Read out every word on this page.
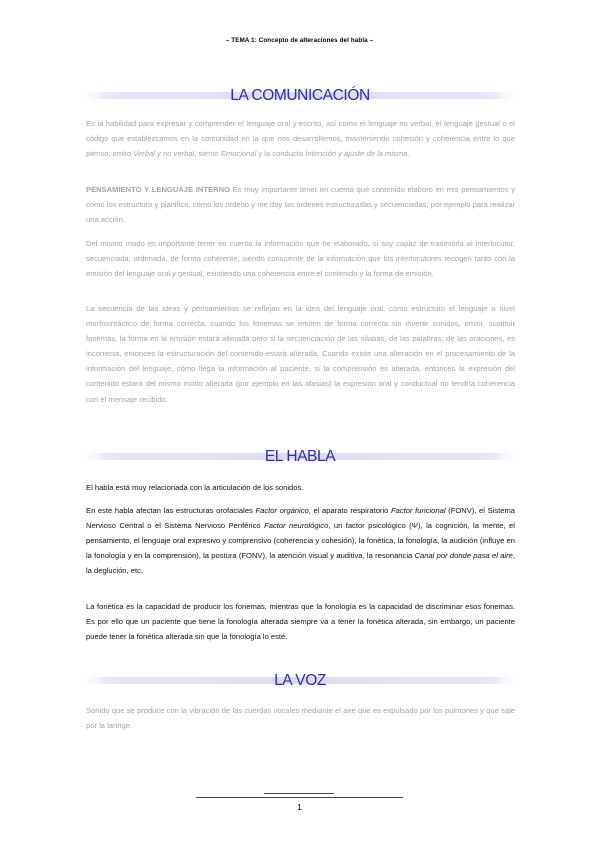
– TEMA 1: Concepto de alteraciones del habla –
LA COMUNICACIÓN

Es la habilidad para expresar y comprender el lenguaje oral y escrito, así como el lenguaje no verbal, el lenguaje gestual o el código que establezcamos en la comunidad en la que nos desarrollemos, manteniendo cohesión y coherencia entre lo que pienso, emito Verbal y no verbal, siento Emocional y la conducta Intención y ajuste de la misma.

PENSAMIENTO Y LENGUAJE INTERNO Es muy importante tener en cuenta qué contenido elaboro en mis pensamientos y como los estructuro y planifico, cómo los ordeno y me doy las órdenes estructuradas y secuenciadas, por ejemplo para realizar una acción.

Del mismo modo es importante tener en cuenta la información que he elaborado, si soy capaz de trasmitirla al interlocutor, secuenciada, ordenada, de forma coherente, siendo consciente de la información que los interlocutores recogen tanto con la emisión del lenguaje oral y gestual, existiendo una coherencia entre el contenido y la forma de emisión.

La secuencia de las ideas y pensamientos se reflejan en la idea del lenguaje oral, cómo estructuro el lenguaje a nivel morfosintáctico de forma correcta, cuando los fonemas se emiten de forma correcta sin invertir sonidos, omitir, sustituir fonemas, la forma en la emisión estará alterada pero si la secuenciación de las sílabas, de las palabras, de las oraciones, es incorrecta, entonces la estructuración del contenido estará alterada. Cuando existe una alteración en el procesamiento de la información del lenguaje, cómo llega la información al paciente, si la comprensión es alterada, entonces la expresión del contenido estará del mismo modo alterada (por ejemplo en las afasias) la expresión oral y conductual no tendría coherencia con el mensaje recibido.

EL HABLA

El habla está muy relacionada con la articulación de los sonidos.

En este habla afectan las estructuras orofaciales Factor orgánico, el aparato respiratorio Factor funcional (FONV), el Sistema Nervioso Central o el Sistema Nervioso Periférico Factor neurológico, un factor psicológico (Ψ), la cognición, la mente, el pensamiento, el lenguaje oral expresivo y comprensivo (coherencia y cohesión), la fonética, la fonología, la audición (influye en la fonología y en la comprensión), la postura (FONV), la atención visual y auditiva, la resonancia Canal por donde pasa el aire, la deglución, etc.

La fonética es la capacidad de producir los fonemas, mientras que la fonología es la capacidad de discriminar esos fonemas. Es por ello que un paciente que tiene la fonología alterada siempre va a tener la fonética alterada, sin embargo, un paciente puede tener la fonética alterada sin que la fonología lo esté.

LA VOZ

Sonido que se produce con la vibración de las cuerdas vocales mediante el aire que es expulsado por los pulmones y que sale por la laringe.

1
